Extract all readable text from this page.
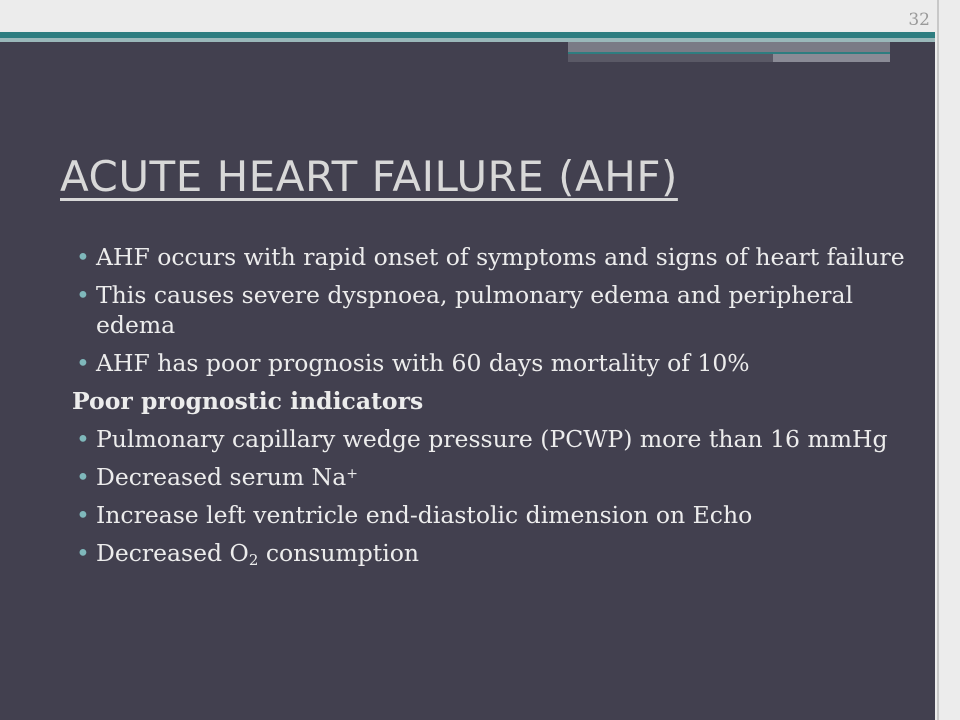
32
ACUTE HEART FAILURE (AHF)
• AHF occurs with rapid onset of symptoms and signs of heart failure
• This causes severe dyspnoea, pulmonary edema and peripheral edema
• AHF has poor prognosis with 60 days mortality of 10%
Poor prognostic indicators
• Pulmonary capillary wedge pressure (PCWP) more than 16 mmHg
• Decreased serum Na+
• Increase left ventricle end-diastolic dimension on Echo
• Decreased $O_2$ consumption
